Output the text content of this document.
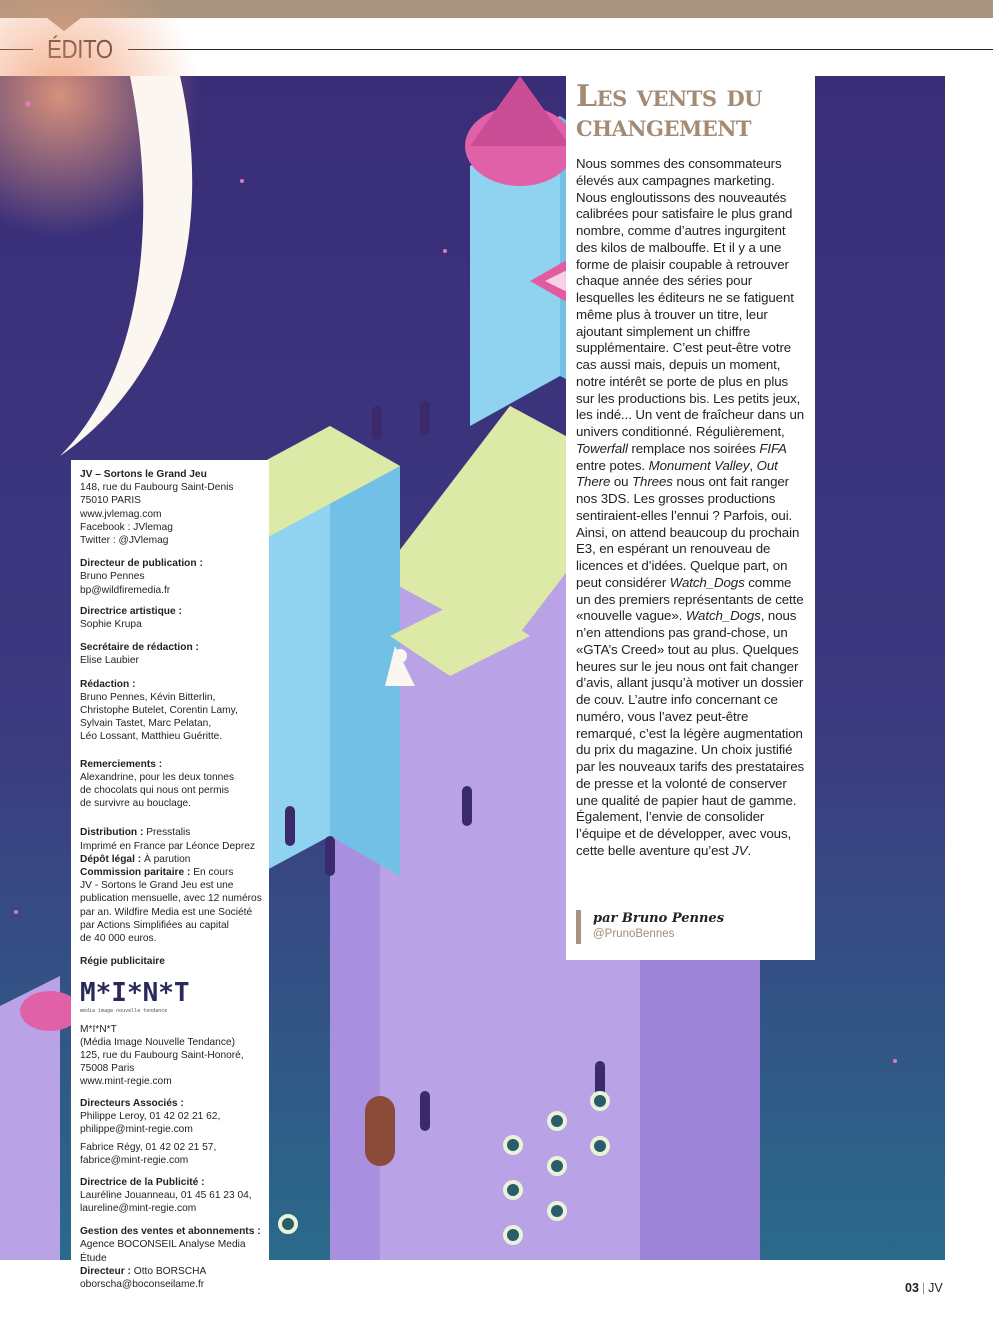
Les vents du
changement

Nous sommes des consommateurs élevés aux campagnes marketing. Nous engloutissons des nouveautés calibrées pour satisfaire le plus grand nombre, comme d’autres ingurgitent des kilos de malbouffe. Et il y a une forme de plaisir coupable à retrouver chaque année des séries pour lesquelles les éditeurs ne se fatiguent même plus à trouver un titre, leur ajoutant simplement un chiffre supplémentaire. C’est peut-être votre cas aussi mais, depuis un moment, notre intérêt se porte de plus en plus sur les productions bis. Les petits jeux, les indé... Un vent de fraîcheur dans un univers conditionné. Régulièrement, Towerfall remplace nos soirées FIFA entre potes. Monument Valley, Out There ou Threes nous ont fait ranger nos 3DS. Les grosses productions sentiraient-elles l’ennui ? Parfois, oui. Ainsi, on attend beaucoup du prochain E3, en espérant un renouveau de licences et d’idées. Quelque part, on peut considérer Watch_Dogs comme un des premiers représentants de cette «nouvelle vague». Watch_Dogs, nous n’en attendions pas grand-chose, un «GTA’s Creed» tout au plus. Quelques heures sur le jeu nous ont fait changer d’avis, allant jusqu’à motiver un dossier de couv. L’autre info concernant ce numéro, vous l’avez peut-être remarqué, c’est la légère augmentation du prix du magazine. Un choix justifié par les nouveaux tarifs des prestataires de presse et la volonté de conserver une qualité de papier haut de gamme. Également, l’envie de consolider l’équipe et de développer, avec vous, cette belle aventure qu’est JV.

par Bruno Pennes
@PrunoBennes

JV – Sortons le Grand Jeu

148, rue du Faubourg Saint-Denis

75010 PARIS

www.jvlemag.com

Facebook : JVlemag

Twitter : @JVlemag

Directeur de publication :

Bruno Pennes

bp@wildfiremedia.fr

Directrice artistique :

Sophie Krupa

Secrétaire de rédaction :

Elise Laubier

Rédaction :

Bruno Pennes, Kévin Bitterlin,

Christophe Butelet, Corentin Lamy,

Sylvain Tastet, Marc Pelatan,

Léo Lossant, Matthieu Guéritte.

Remerciements :

Alexandrine, pour les deux tonnes

de chocolats qui nous ont permis

de survivre au bouclage.

Distribution : Presstalis

Imprimé en France par Léonce Deprez

Dépôt légal : À parution

Commission paritaire : En cours

JV - Sortons le Grand Jeu est une

publication mensuelle, avec 12 numéros

par an. Wildfire Media est une Société

par Actions Simplifiées au capital

de 40 000 euros.

Régie publicitaire

M*I*N*T
média image nouvelle tendance

M*I*N*T

(Média Image Nouvelle Tendance)

125, rue du Faubourg Saint-Honoré,

75008 Paris

www.mint-regie.com

Directeurs Associés :

Philippe Leroy, 01 42 02 21 62,

philippe@mint-regie.com

Fabrice Régy, 01 42 02 21 57,

fabrice@mint-regie.com

Directrice de la Publicité :

Lauréline Jouanneau, 01 45 61 23 04,

laureline@mint-regie.com

Gestion des ventes et abonnements :

Agence BOCONSEIL Analyse Media Étude

Directeur : Otto BORSCHA

oborscha@boconseilame.fr	03 | JV
